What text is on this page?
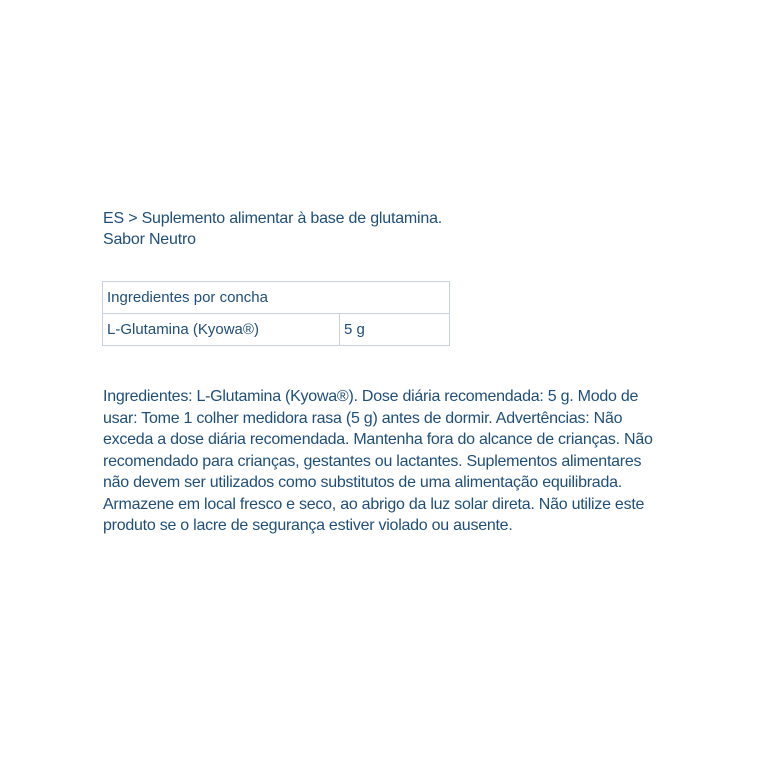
ES > Suplemento alimentar à base de glutamina.
Sabor Neutro
Ingredientes por concha
L-Glutamina (Kyowa®)	5 g
Ingredientes: L-Glutamina (Kyowa®). Dose diária recomendada: 5 g. Modo de usar: Tome 1 colher medidora rasa (5 g) antes de dormir. Advertências: Não exceda a dose diária recomendada. Mantenha fora do alcance de crianças. Não recomendado para crianças, gestantes ou lactantes. Suplementos alimentares não devem ser utilizados como substitutos de uma alimentação equilibrada. Armazene em local fresco e seco, ao abrigo da luz solar direta. Não utilize este produto se o lacre de segurança estiver violado ou ausente.
